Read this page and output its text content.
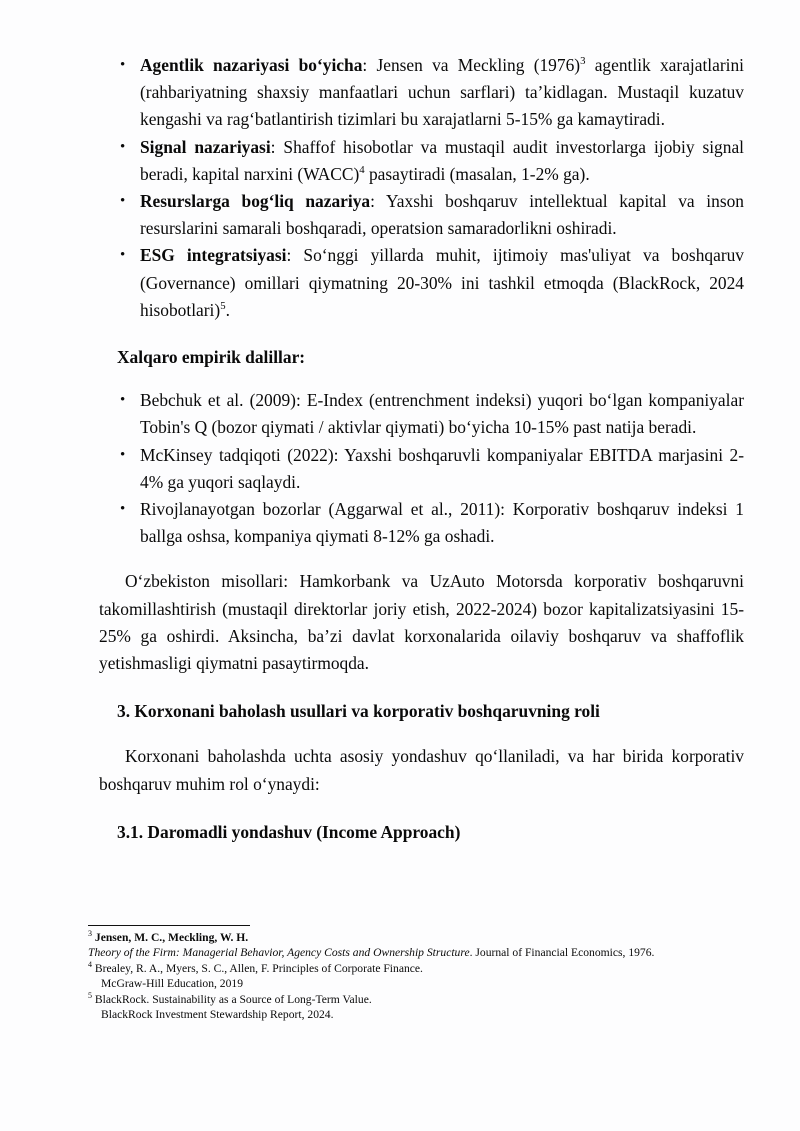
• Agentlik nazariyasi bo‘yicha: Jensen va Meckling $(1976)^3$ agentlik xarajatlarini (rahbariyatning shaxsiy manfaatlari uchun sarflari) ta’kidlagan. Mustaqil kuzatuv kengashi va rag‘batlantirish tizimlari bu xarajatlarni 5-15% ga kamaytiradi.
• Signal nazariyasi: Shaffof hisobotlar va mustaqil audit investorlarga ijobiy signal beradi, kapital narxini (WACC)$^4$ pasaytiradi (masalan, 1-2% ga).
• Resurslarga bog‘liq nazariya: Yaxshi boshqaruv intellektual kapital va inson resurslarini samarali boshqaradi, operatsion samaradorlikni oshiradi.
• ESG integratsiyasi: So‘nggi yillarda muhit, ijtimoiy mas'uliyat va boshqaruv (Governance) omillari qiymatning 20-30% ini tashkil etmoqda (BlackRock, 2024 hisobotlari)$^5$.
Xalqaro empirik dalillar:
• Bebchuk et al. (2009): E-Index (entrenchment indeksi) yuqori bo‘lgan kompaniyalar Tobin's Q (bozor qiymati / aktivlar qiymati) bo‘yicha 10-15% past natija beradi.
• McKinsey tadqiqoti (2022): Yaxshi boshqaruvli kompaniyalar EBITDA marjasini 2-4% ga yuqori saqlaydi.
• Rivojlanayotgan bozorlar (Aggarwal et al., 2011): Korporativ boshqaruv indeksi 1 ballga oshsa, kompaniya qiymati 8-12% ga oshadi.

O‘zbekiston misollari: Hamkorbank va UzAuto Motorsda korporativ boshqaruvni takomillashtirish (mustaqil direktorlar joriy etish, 2022-2024) bozor kapitalizatsiyasini 15-25% ga oshirdi. Aksincha, ba’zi davlat korxonalarida oilaviy boshqaruv va shaffoflik yetishmasligi qiymatni pasaytirmoqda.

3. Korxonani baholash usullari va korporativ boshqaruvning roli

Korxonani baholashda uchta asosiy yondashuv qo‘llaniladi, va har birida korporativ boshqaruv muhim rol o‘ynaydi:

3.1. Daromadli yondashuv (Income Approach)
$^3$ Jensen, M. C., Meckling, W. H.
Theory of the Firm: Managerial Behavior, Agency Costs and Ownership Structure. Journal of Financial Economics, 1976.
$^4$ Brealey, R. A., Myers, S. C., Allen, F. Principles of Corporate Finance.
McGraw-Hill Education, 2019
$^5$ BlackRock. Sustainability as a Source of Long-Term Value.
BlackRock Investment Stewardship Report, 2024.
